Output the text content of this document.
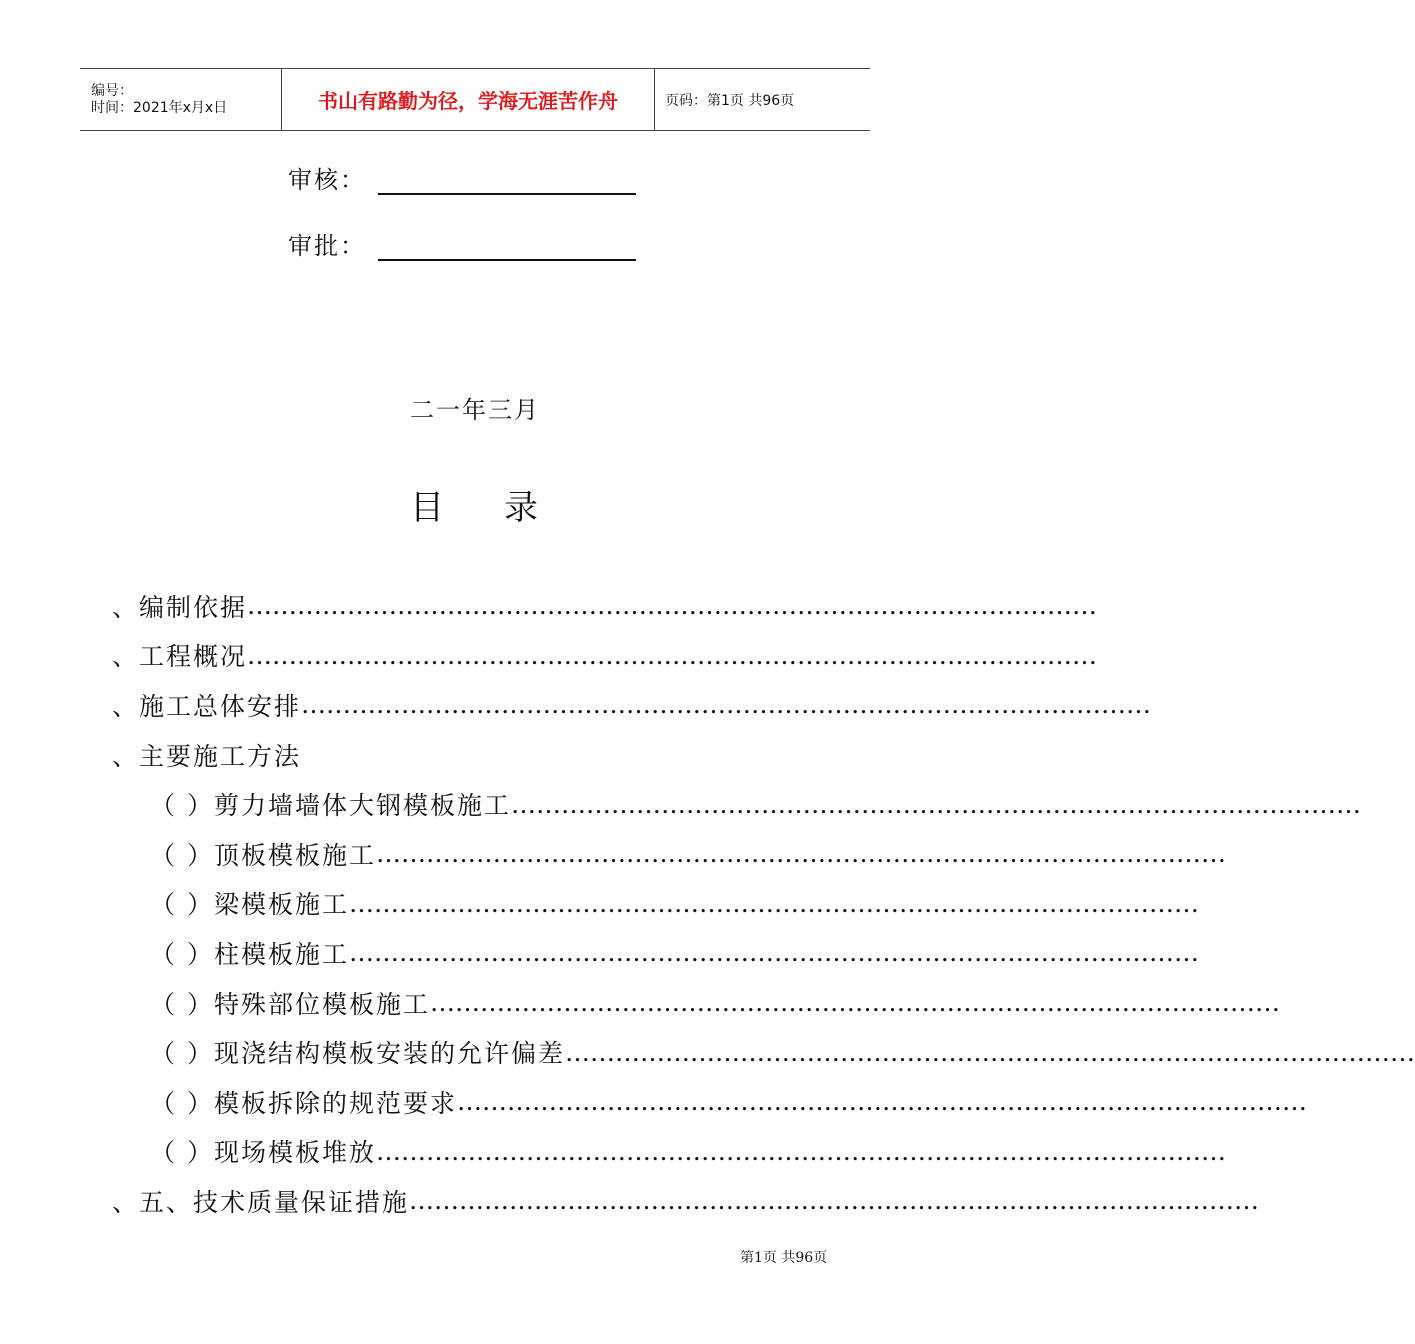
编号：
时间：2021年x月x日	书山有路勤为径，学海无涯苦作舟	页码：第1页 共96页
审核：
审批：
二一年三月
目 录
、编制依据 …………………………………………………………………………………………
、工程概况 …………………………………………………………………………………………
、施工总体安排 …………………………………………………………………………………………
、主要施工方法
（ ）剪力墙墙体大钢模板施工 …………………………………………………………………………………………
（ ）顶板模板施工 …………………………………………………………………………………………
（ ）梁模板施工 …………………………………………………………………………………………
（ ）柱模板施工 …………………………………………………………………………………………
（ ）特殊部位模板施工 …………………………………………………………………………………………
（ ）现浇结构模板安装的允许偏差 …………………………………………………………………………………………
（ ）模板拆除的规范要求 …………………………………………………………………………………………
（ ）现场模板堆放 …………………………………………………………………………………………
、五、技术质量保证措施 …………………………………………………………………………………………
第1页 共96页
